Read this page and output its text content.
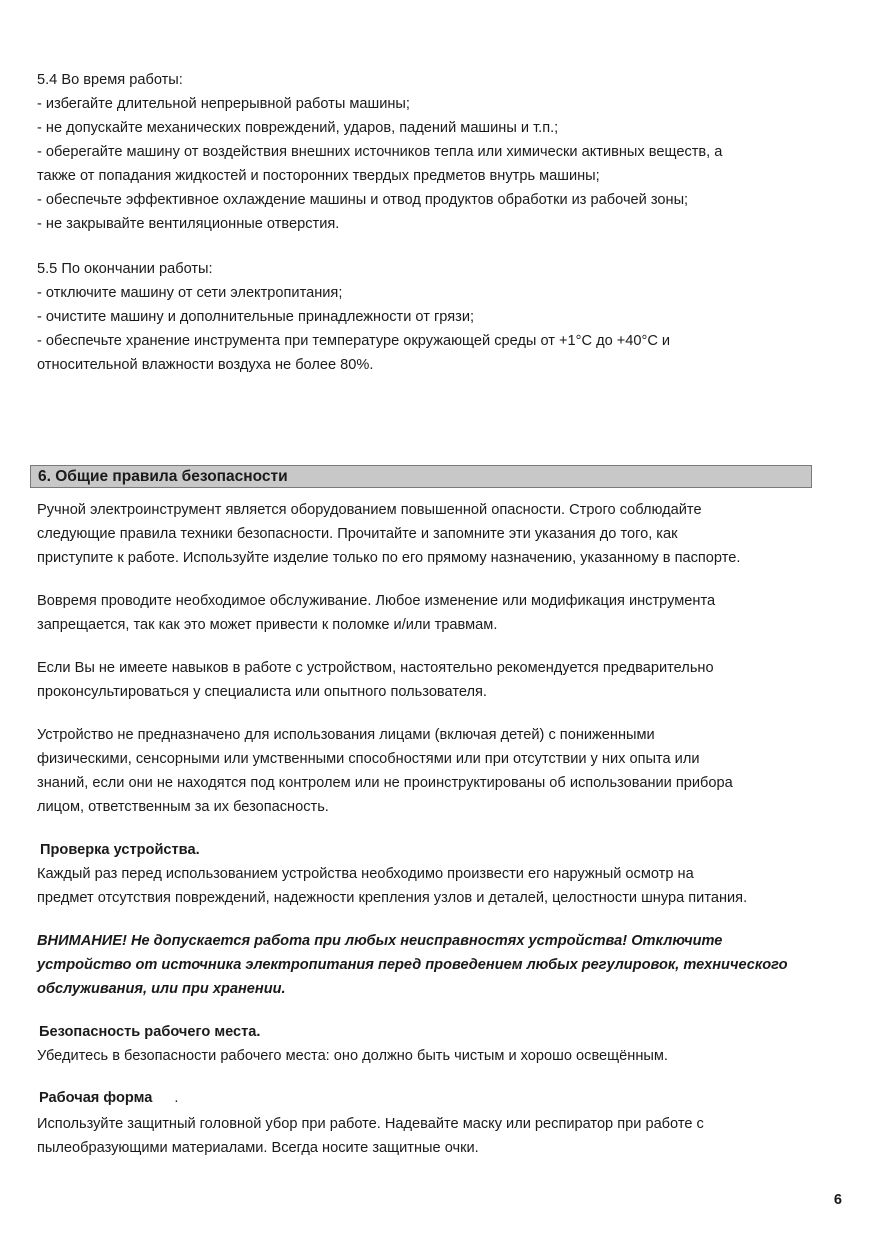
5.4 Во время работы:
- избегайте длительной непрерывной работы машины;
- не допускайте механических повреждений, ударов, падений машины и т.п.;
- оберегайте машину от воздействия внешних источников тепла или химически активных веществ, а
также от попадания жидкостей и посторонних твердых предметов внутрь машины;
- обеспечьте эффективное охлаждение машины и отвод продуктов обработки из рабочей зоны;
- не закрывайте вентиляционные отверстия.
5.5 По окончании работы:
- отключите машину от сети электропитания;
- очистите машину и дополнительные принадлежности от грязи;
- обеспечьте хранение инструмента при температуре окружающей среды от +1°С до +40°С и
относительной влажности воздуха не более 80%.
6. Общие правила безопасности
Ручной электроинструмент является оборудованием повышенной опасности. Строго соблюдайте
следующие правила техники безопасности. Прочитайте и запомните эти указания до того, как
приступите к работе. Используйте изделие только по его прямому назначению, указанному в паспорте.
Вовремя проводите необходимое обслуживание. Любое изменение или модификация инструмента
запрещается, так как это может привести к поломке и/или травмам.
Если Вы не имеете навыков в работе с устройством, настоятельно рекомендуется предварительно
проконсультироваться у специалиста или опытного пользователя.
Устройство не предназначено для использования лицами (включая детей) с пониженными
физическими, сенсорными или умственными способностями или при отсутствии у них опыта или
знаний, если они не находятся под контролем или не проинструктированы об использовании прибора
лицом, ответственным за их безопасность.
Проверка устройства.
Каждый раз перед использованием устройства необходимо произвести его наружный осмотр на
предмет отсутствия повреждений, надежности крепления узлов и деталей, целостности шнура питания.
ВНИМАНИЕ! Не допускается работа при любых неисправностях устройства! Отключите
устройство от источника электропитания перед проведением любых регулировок, технического
обслуживания, или при хранении.
Безопасность рабочего места.
Убедитесь в безопасности рабочего места: оно должно быть чистым и хорошо освещённым.
Рабочая форма .
Используйте защитный головной убор при работе. Надевайте маску или респиратор при работе с
пылеобразующими материалами. Всегда носите защитные очки.
6
